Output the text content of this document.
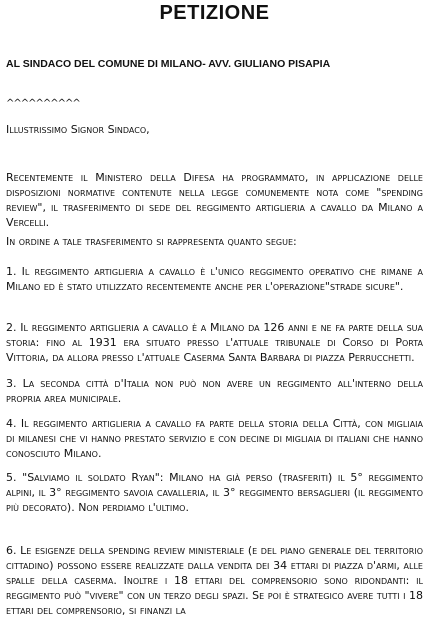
PETIZIONE
AL SINDACO DEL COMUNE DI MILANO- AVV. GIULIANO PISAPIA
^^^^^^^^^^
Illustrissimo Signor Sindaco,

Recentemente il Ministero della Difesa ha programmato, in applicazione delle disposizioni normative contenute nella legge comunemente nota come "spending review", il trasferimento di sede del reggimento artiglieria a cavallo da Milano a Vercelli.

In ordine a tale trasferimento si rappresenta quanto segue:

1. Il reggimento artiglieria a cavallo è l'unico reggimento operativo che rimane a Milano ed è stato utilizzato recentemente anche per l'operazione"strade sicure".

2. Il reggimento artiglieria a cavallo è a Milano da 126 anni e ne fa parte della sua storia: fino al 1931 era situato presso l'attuale tribunale di Corso di Porta Vittoria, da allora presso l'attuale Caserma Santa Barbara di piazza Perrucchetti.

3. La seconda città d'Italia non può non avere un reggimento all'interno della propria area municipale.

4. Il reggimento artiglieria a cavallo fa parte della storia della Città, con migliaia di milanesi che vi hanno prestato servizio e con decine di migliaia di italiani che hanno conosciuto Milano.

5. "Salviamo il soldato Ryan": Milano ha già perso (trasferiti) il 5° reggimento alpini, il 3° reggimento savoia cavalleria, il 3° reggimento bersaglieri (il reggimento più decorato). Non perdiamo l'ultimo.

6. Le esigenze della spending review ministeriale (e del piano generale del territorio cittadino) possono essere realizzate dalla vendita dei 34 ettari di piazza d'armi, alle spalle della caserma. Inoltre i 18 ettari del comprensorio sono ridondanti: il reggimento può "vivere" con un terzo degli spazi. Se poi è strategico avere tutti i 18 ettari del comprensorio, si finanzi la
